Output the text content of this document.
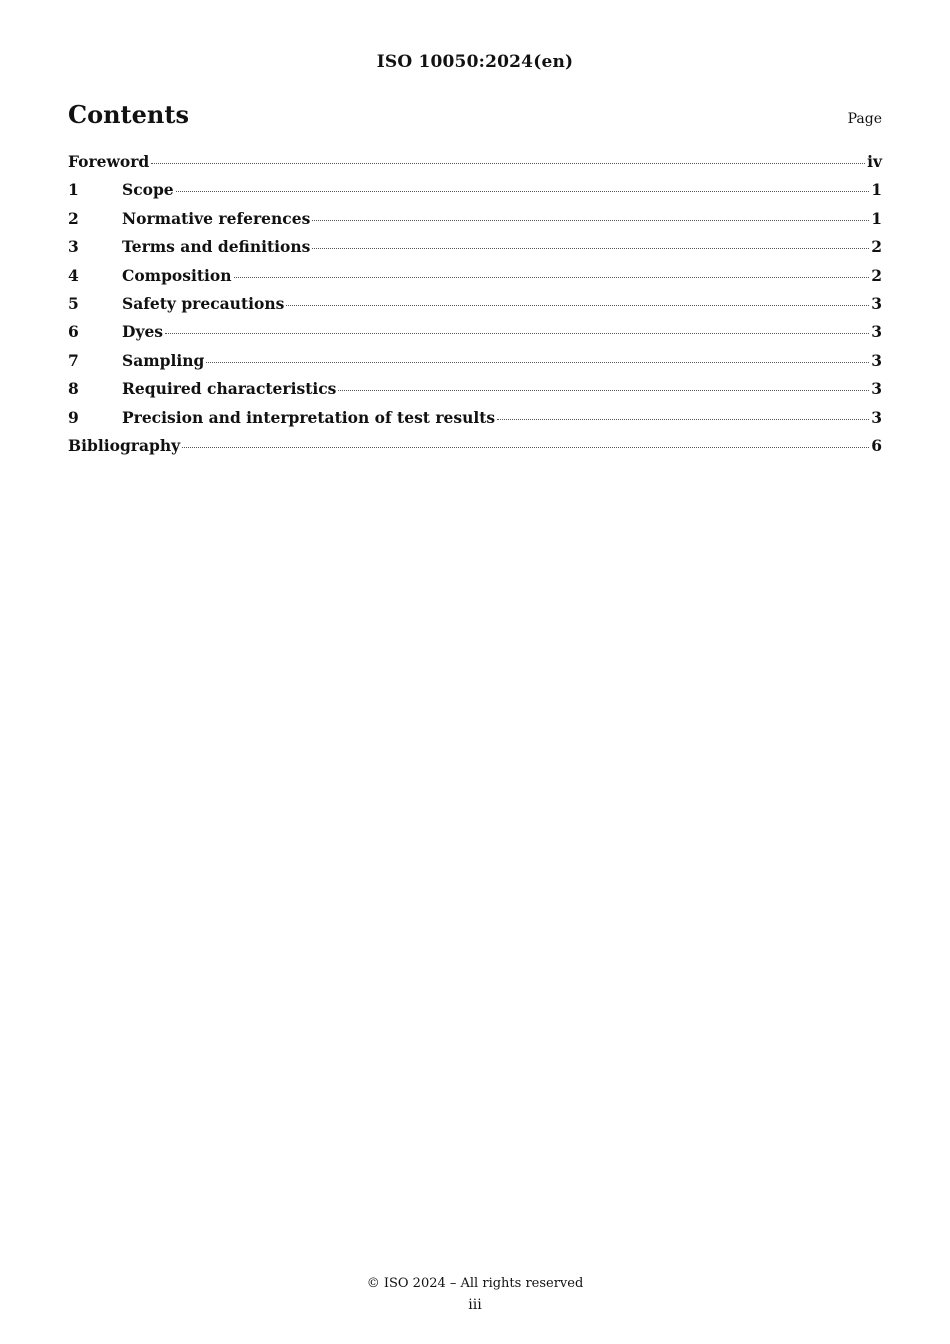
ISO 10050:2024(en)
Contents	Page
Foreword	iv
1	Scope	1
2	Normative references	1
3	Terms and definitions	2
4	Composition	2
5	Safety precautions	3
6	Dyes	3
7	Sampling	3
8	Required characteristics	3
9	Precision and interpretation of test results	3
Bibliography	6
© ISO 2024 – All rights reserved
iii
